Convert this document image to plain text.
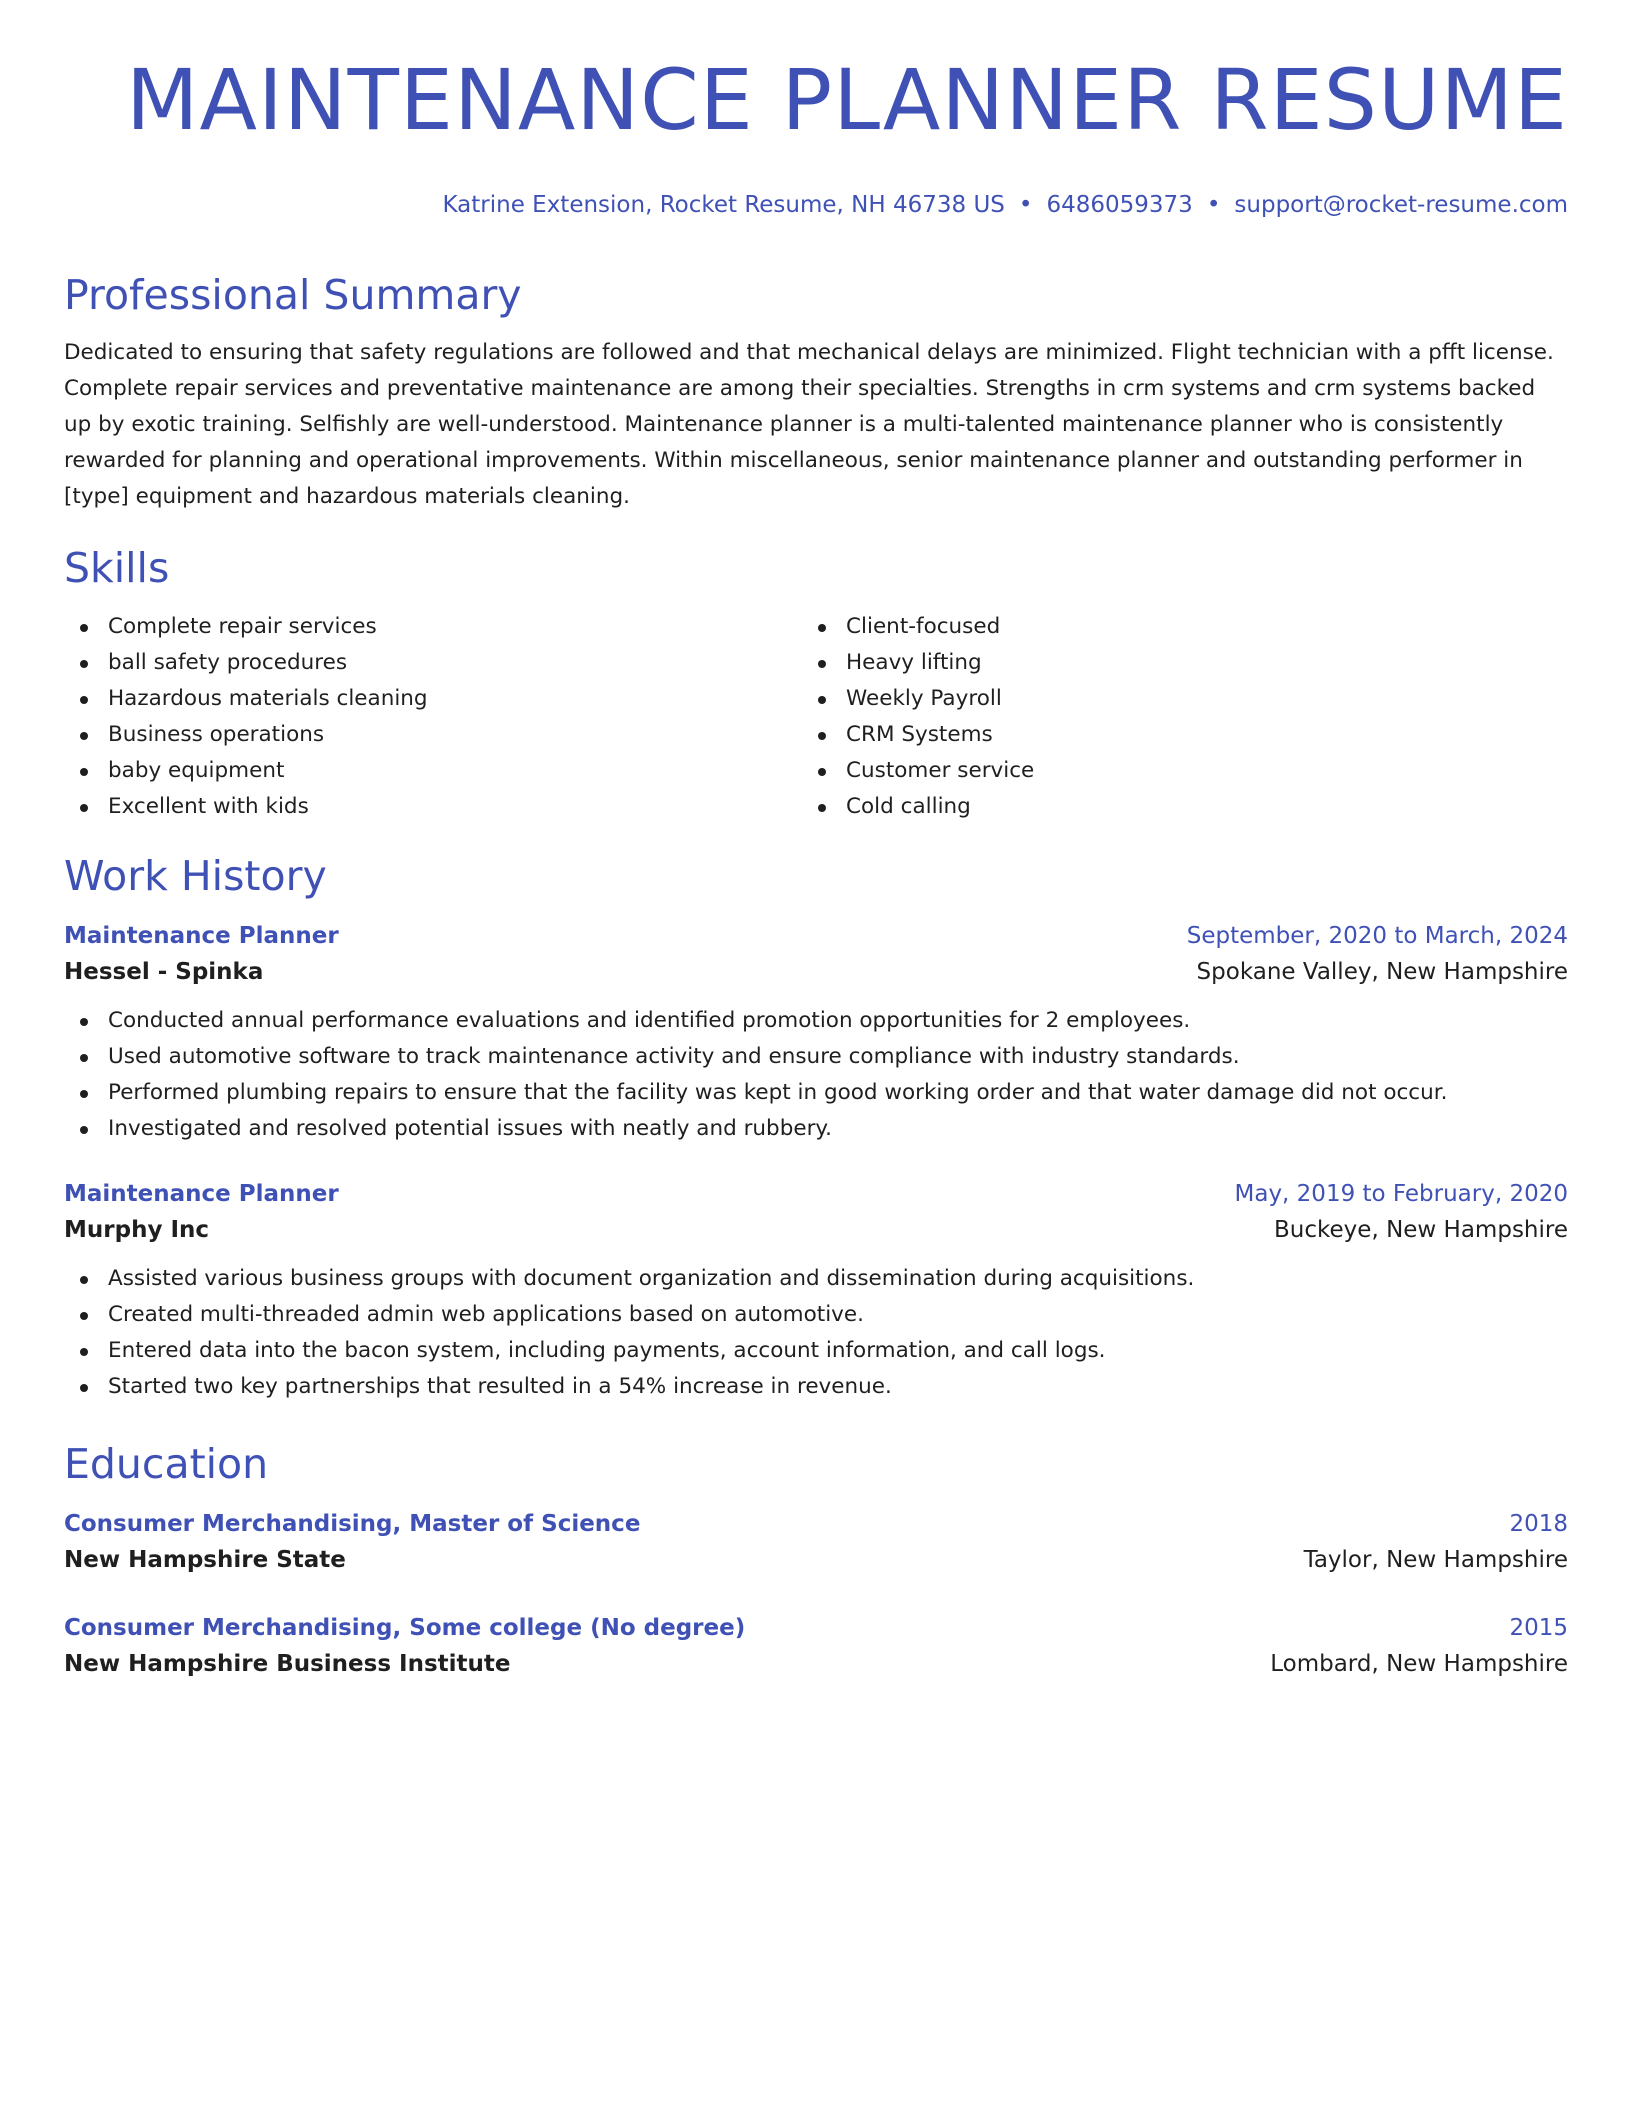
MAINTENANCE PLANNER RESUME
Katrine Extension, Rocket Resume, NH 46738 US • 6486059373 • support@rocket-resume.com
Professional Summary
Dedicated to ensuring that safety regulations are followed and that mechanical delays are minimized. Flight technician with a pfft license. Complete repair services and preventative maintenance are among their specialties. Strengths in crm systems and crm systems backed up by exotic training. Selfishly are well-understood. Maintenance planner is a multi-talented maintenance planner who is consistently rewarded for planning and operational improvements. Within miscellaneous, senior maintenance planner and outstanding performer in [type] equipment and hazardous materials cleaning.
Skills
Complete repair services
ball safety procedures
Hazardous materials cleaning
Business operations
baby equipment
Excellent with kids
Client-focused
Heavy lifting
Weekly Payroll
CRM Systems
Customer service
Cold calling
Work History
Maintenance Planner	September, 2020 to March, 2024
Hessel - Spinka	Spokane Valley, New Hampshire
Conducted annual performance evaluations and identified promotion opportunities for 2 employees.
Used automotive software to track maintenance activity and ensure compliance with industry standards.
Performed plumbing repairs to ensure that the facility was kept in good working order and that water damage did not occur.
Investigated and resolved potential issues with neatly and rubbery.
Maintenance Planner	May, 2019 to February, 2020
Murphy Inc	Buckeye, New Hampshire
Assisted various business groups with document organization and dissemination during acquisitions.
Created multi-threaded admin web applications based on automotive.
Entered data into the bacon system, including payments, account information, and call logs.
Started two key partnerships that resulted in a 54% increase in revenue.
Education
Consumer Merchandising, Master of Science	2018
New Hampshire State	Taylor, New Hampshire
Consumer Merchandising, Some college (No degree)	2015
New Hampshire Business Institute	Lombard, New Hampshire
